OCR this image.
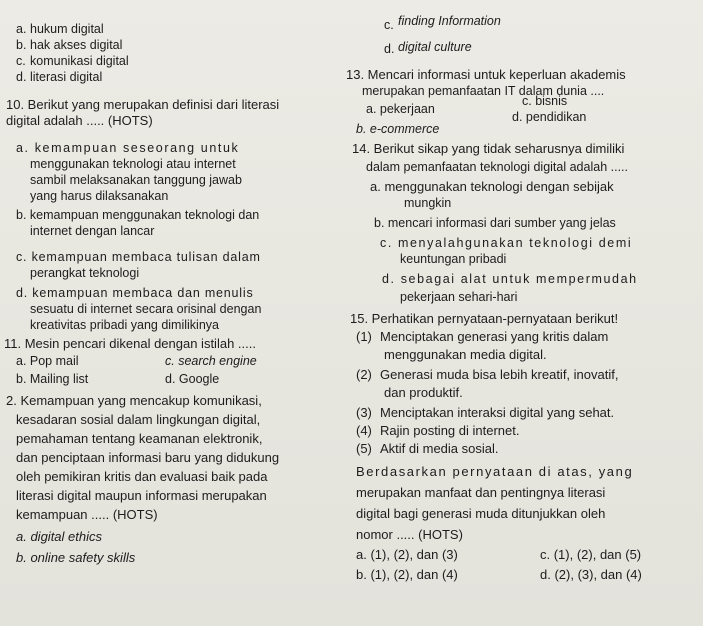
hukum digital
hak akses digital
komunikasi digital
literasi digital
a.
b.
c.
d.
10. Berikut yang merupakan definisi dari literasi
digital adalah ..... (HOTS)
a. kemampuan seseorang untuk
menggunakan teknologi atau internet
sambil melaksanakan tanggung jawab
yang harus dilaksanakan
b. kemampuan menggunakan teknologi dan
internet dengan lancar
c. kemampuan membaca tulisan dalam
perangkat teknologi
d. kemampuan membaca dan menulis
sesuatu di internet secara orisinal dengan
kreativitas pribadi yang dimilikinya
11. Mesin pencari dikenal dengan istilah .....
a. Pop mail	c. search engine
b. Mailing list	d. Google
2. Kemampuan yang mencakup komunikasi,
kesadaran sosial dalam lingkungan digital,
pemahaman tentang keamanan elektronik,
dan penciptaan informasi baru yang didukung
oleh pemikiran kritis dan evaluasi baik pada
literasi digital maupun informasi merupakan
kemampuan ..... (HOTS)
a. digital ethics
b. online safety skills
c. finding Information
d. digital culture
13. Mencari informasi untuk keperluan akademis
merupakan pemanfaatan IT dalam dunia ....
c. bisnis
a. pekerjaan
d. pendidikan
b. e-commerce
14. Berikut sikap yang tidak seharusnya dimiliki
dalam pemanfaatan teknologi digital adalah .....
a. menggunakan teknologi dengan sebijak
mungkin
b. mencari informasi dari sumber yang jelas
c. menyalahgunakan teknologi demi
keuntungan pribadi
d. sebagai alat untuk mempermudah
pekerjaan sehari-hari
15. Perhatikan pernyataan-pernyataan berikut!
(1) Menciptakan generasi yang kritis dalam
menggunakan media digital.
(2) Generasi muda bisa lebih kreatif, inovatif,
dan produktif.
(3) Menciptakan interaksi digital yang sehat.
(4) Rajin posting di internet.
(5) Aktif di media sosial.
Berdasarkan pernyataan di atas, yang
merupakan manfaat dan pentingnya literasi
digital bagi generasi muda ditunjukkan oleh
nomor ..... (HOTS)
a. (1), (2), dan (3)
b. (1), (2), dan (4)
c. (1), (2), dan (5)
d. (2), (3), dan (4)
